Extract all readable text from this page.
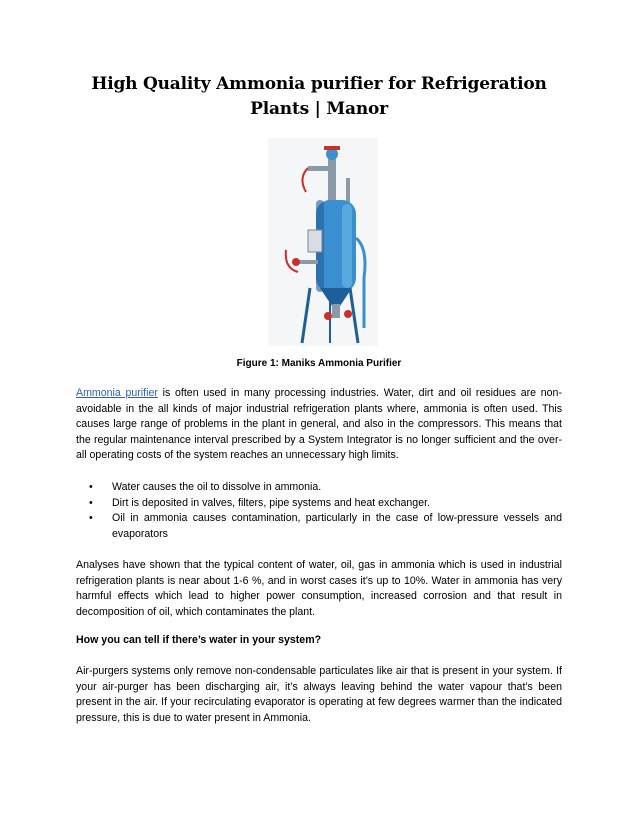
High Quality Ammonia purifier for Refrigeration Plants | Manor
Figure 1: Maniks Ammonia Purifier

Ammonia purifier is often used in many processing industries. Water, dirt and oil residues are non-avoidable in the all kinds of major industrial refrigeration plants where, ammonia is often used. This causes large range of problems in the plant in general, and also in the compressors. This means that the regular maintenance interval prescribed by a System Integrator is no longer sufficient and the over-all operating costs of the system reaches an unnecessary high limits.

• Water causes the oil to dissolve in ammonia.
• Dirt is deposited in valves, filters, pipe systems and heat exchanger.
• Oil in ammonia causes contamination, particularly in the case of low-pressure vessels and evaporators

Analyses have shown that the typical content of water, oil, gas in ammonia which is used in industrial refrigeration plants is near about 1-6 %, and in worst cases it’s up to 10%. Water in ammonia has very harmful effects which lead to higher power consumption, increased corrosion and that result in decomposition of oil, which contaminates the plant.

How you can tell if there’s water in your system?

Air-purgers systems only remove non-condensable particulates like air that is present in your system. If your air-purger has been discharging air, it’s always leaving behind the water vapour that’s been present in the air. If your recirculating evaporator is operating at few degrees warmer than the indicated pressure, this is due to water present in Ammonia.
